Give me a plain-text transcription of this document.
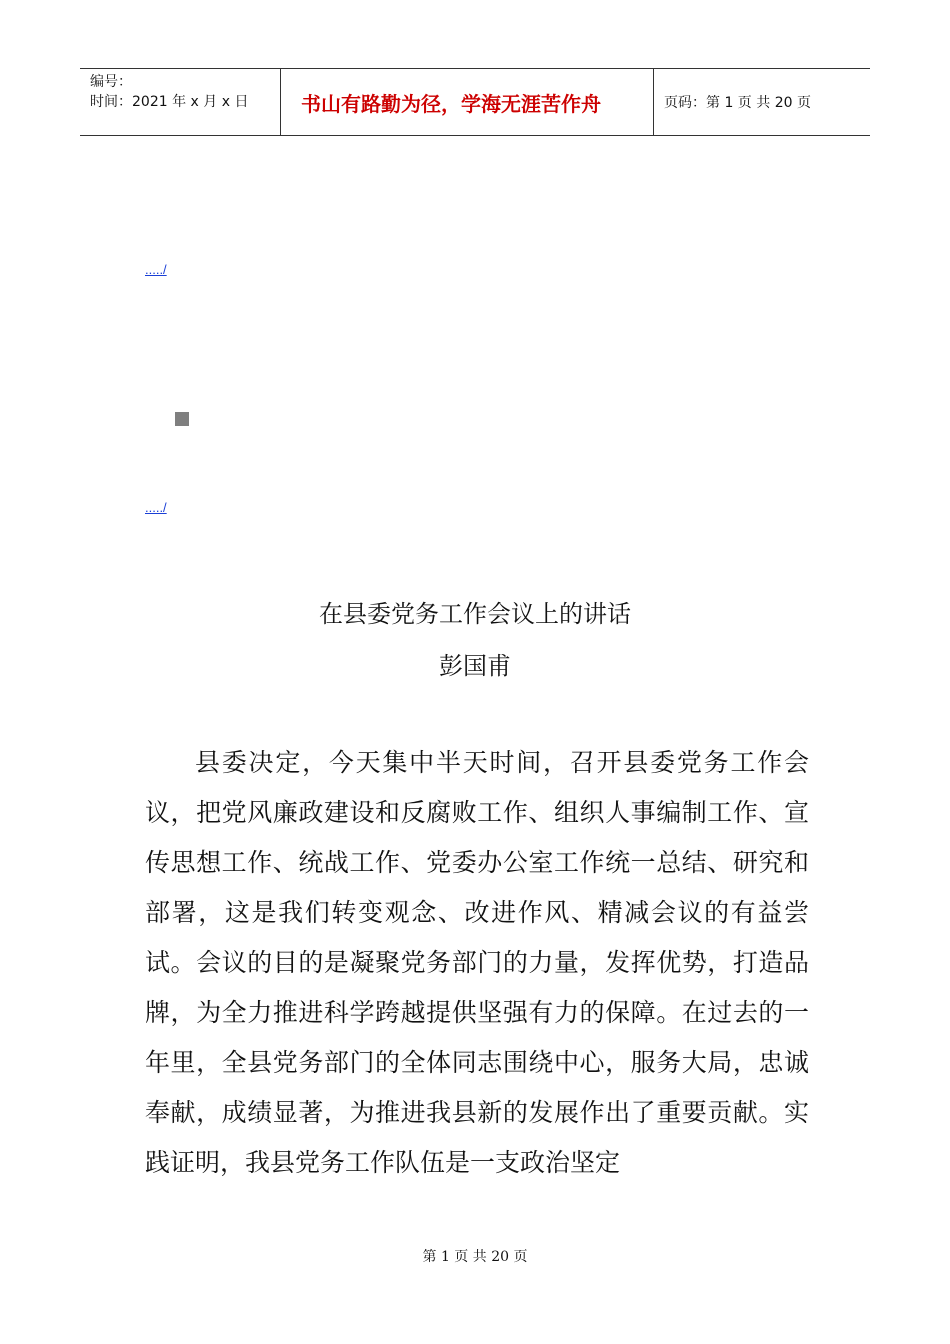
编号：
时间：2021 年 x 月 x 日	书山有路勤为径，学海无涯苦作舟	页码：第 1 页 共 20 页
...../
...../
在县委党务工作会议上的讲话
彭国甫
县委决定，今天集中半天时间，召开县委党务工作会议，把党风廉政建设和反腐败工作、组织人事编制工作、宣传思想工作、统战工作、党委办公室工作统一总结、研究和部署，这是我们转变观念、改进作风、精减会议的有益尝试。会议的目的是凝聚党务部门的力量，发挥优势，打造品牌，为全力推进科学跨越提供坚强有力的保障。在过去的一年里，全县党务部门的全体同志围绕中心，服务大局，忠诚奉献，成绩显著，为推进我县新的发展作出了重要贡献。实践证明，我县党务工作队伍是一支政治坚定
第 1 页 共 20 页
